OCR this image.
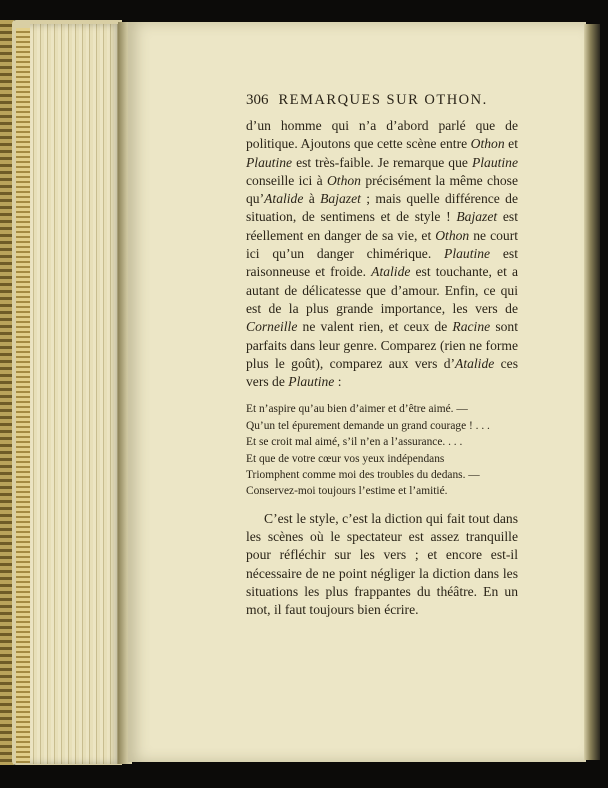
306 REMARQUES SUR OTHON.

d’un homme qui n’a d’abord parlé que de politique. Ajoutons que cette scène entre Othon et Plautine est très-faible. Je remarque que Plautine conseille ici à Othon précisément la même chose qu’Atalide à Bajazet ; mais quelle différence de situation, de sentimens et de style ! Bajazet est réellement en danger de sa vie, et Othon ne court ici qu’un danger chimérique. Plautine est raisonneuse et froide. Atalide est touchante, et a autant de délicatesse que d’amour. Enfin, ce qui est de la plus grande importance, les vers de Corneille ne valent rien, et ceux de Racine sont parfaits dans leur genre. Comparez (rien ne forme plus le goût), comparez aux vers d’Atalide ces vers de Plautine :

Et n’aspire qu’au bien d’aimer et d’être aimé. —
Qu’un tel épurement demande un grand courage ! . . .
Et se croit mal aimé, s’il n’en a l’assurance. . . .
Et que de votre cœur vos yeux indépendans
Triomphent comme moi des troubles du dedans. —
Conservez-moi toujours l’estime et l’amitié.

C’est le style, c’est la diction qui fait tout dans les scènes où le spectateur est assez tranquille pour réfléchir sur les vers ; et encore est-il nécessaire de ne point négliger la diction dans les situations les plus frappantes du théâtre. En un mot, il faut toujours bien écrire.
